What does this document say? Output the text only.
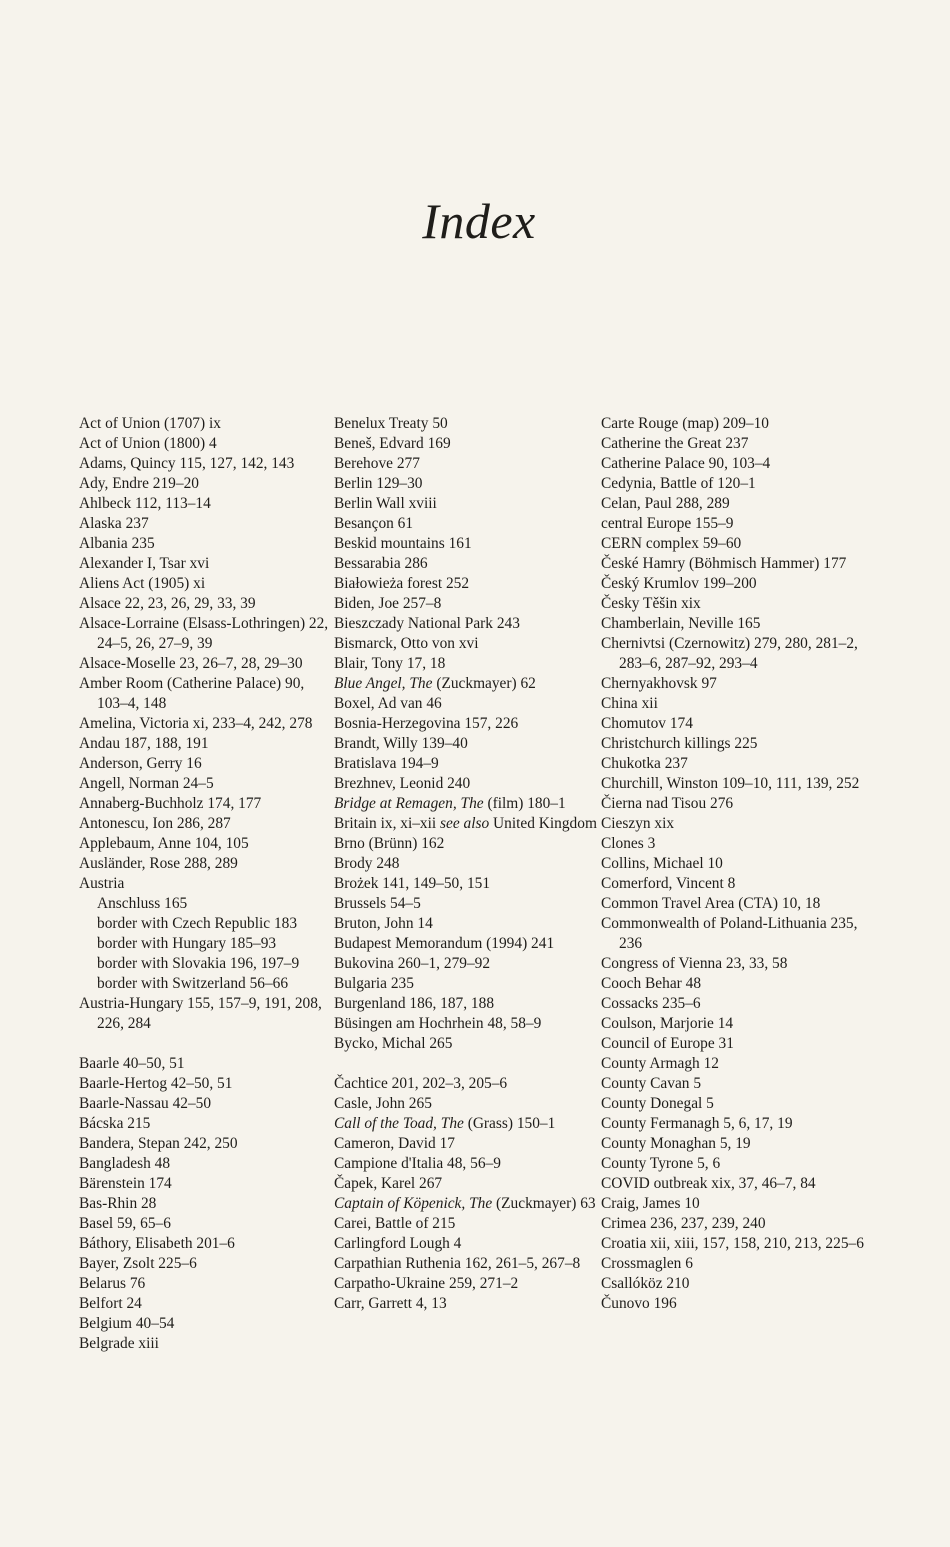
Index
Act of Union (1707) ix
Act of Union (1800) 4
Adams, Quincy 115, 127, 142, 143
Ady, Endre 219–20
Ahlbeck 112, 113–14
Alaska 237
Albania 235
Alexander I, Tsar xvi
Aliens Act (1905) xi
Alsace 22, 23, 26, 29, 33, 39
Alsace-Lorraine (Elsass-Lothringen) 22, 24–5, 26, 27–9, 39
Alsace-Moselle 23, 26–7, 28, 29–30
Amber Room (Catherine Palace) 90, 103–4, 148
Amelina, Victoria xi, 233–4, 242, 278
Andau 187, 188, 191
Anderson, Gerry 16
Angell, Norman 24–5
Annaberg-Buchholz 174, 177
Antonescu, Ion 286, 287
Applebaum, Anne 104, 105
Ausländer, Rose 288, 289
Austria
Anschluss 165
border with Czech Republic 183
border with Hungary 185–93
border with Slovakia 196, 197–9
border with Switzerland 56–66
Austria-Hungary 155, 157–9, 191, 208, 226, 284
Baarle 40–50, 51
Baarle-Hertog 42–50, 51
Baarle-Nassau 42–50
Bácska 215
Bandera, Stepan 242, 250
Bangladesh 48
Bärenstein 174
Bas-Rhin 28
Basel 59, 65–6
Báthory, Elisabeth 201–6
Bayer, Zsolt 225–6
Belarus 76
Belfort 24
Belgium 40–54
Belgrade xiii
Benelux Treaty 50
Beneš, Edvard 169
Berehove 277
Berlin 129–30
Berlin Wall xviii
Besançon 61
Beskid mountains 161
Bessarabia 286
Białowieża forest 252
Biden, Joe 257–8
Bieszczady National Park 243
Bismarck, Otto von xvi
Blair, Tony 17, 18
Blue Angel, The (Zuckmayer) 62
Boxel, Ad van 46
Bosnia-Herzegovina 157, 226
Brandt, Willy 139–40
Bratislava 194–9
Brezhnev, Leonid 240
Bridge at Remagen, The (film) 180–1
Britain ix, xi–xii see also United Kingdom
Brno (Brünn) 162
Brody 248
Brożek 141, 149–50, 151
Brussels 54–5
Bruton, John 14
Budapest Memorandum (1994) 241
Bukovina 260–1, 279–92
Bulgaria 235
Burgenland 186, 187, 188
Büsingen am Hochrhein 48, 58–9
Bycko, Michal 265
Čachtice 201, 202–3, 205–6
Casle, John 265
Call of the Toad, The (Grass) 150–1
Cameron, David 17
Campione d'Italia 48, 56–9
Čapek, Karel 267
Captain of Köpenick, The (Zuckmayer) 63
Carei, Battle of 215
Carlingford Lough 4
Carpathian Ruthenia 162, 261–5, 267–8
Carpatho-Ukraine 259, 271–2
Carr, Garrett 4, 13
Carte Rouge (map) 209–10
Catherine the Great 237
Catherine Palace 90, 103–4
Cedynia, Battle of 120–1
Celan, Paul 288, 289
central Europe 155–9
CERN complex 59–60
České Hamry (Böhmisch Hammer) 177
Český Krumlov 199–200
Česky Těšin xix
Chamberlain, Neville 165
Chernivtsi (Czernowitz) 279, 280, 281–2, 283–6, 287–92, 293–4
Chernyakhovsk 97
China xii
Chomutov 174
Christchurch killings 225
Chukotka 237
Churchill, Winston 109–10, 111, 139, 252
Čierna nad Tisou 276
Cieszyn xix
Clones 3
Collins, Michael 10
Comerford, Vincent 8
Common Travel Area (CTA) 10, 18
Commonwealth of Poland-Lithuania 235, 236
Congress of Vienna 23, 33, 58
Cooch Behar 48
Cossacks 235–6
Coulson, Marjorie 14
Council of Europe 31
County Armagh 12
County Cavan 5
County Donegal 5
County Fermanagh 5, 6, 17, 19
County Monaghan 5, 19
County Tyrone 5, 6
COVID outbreak xix, 37, 46–7, 84
Craig, James 10
Crimea 236, 237, 239, 240
Croatia xii, xiii, 157, 158, 210, 213, 225–6
Crossmaglen 6
Csallóköz 210
Čunovo 196
